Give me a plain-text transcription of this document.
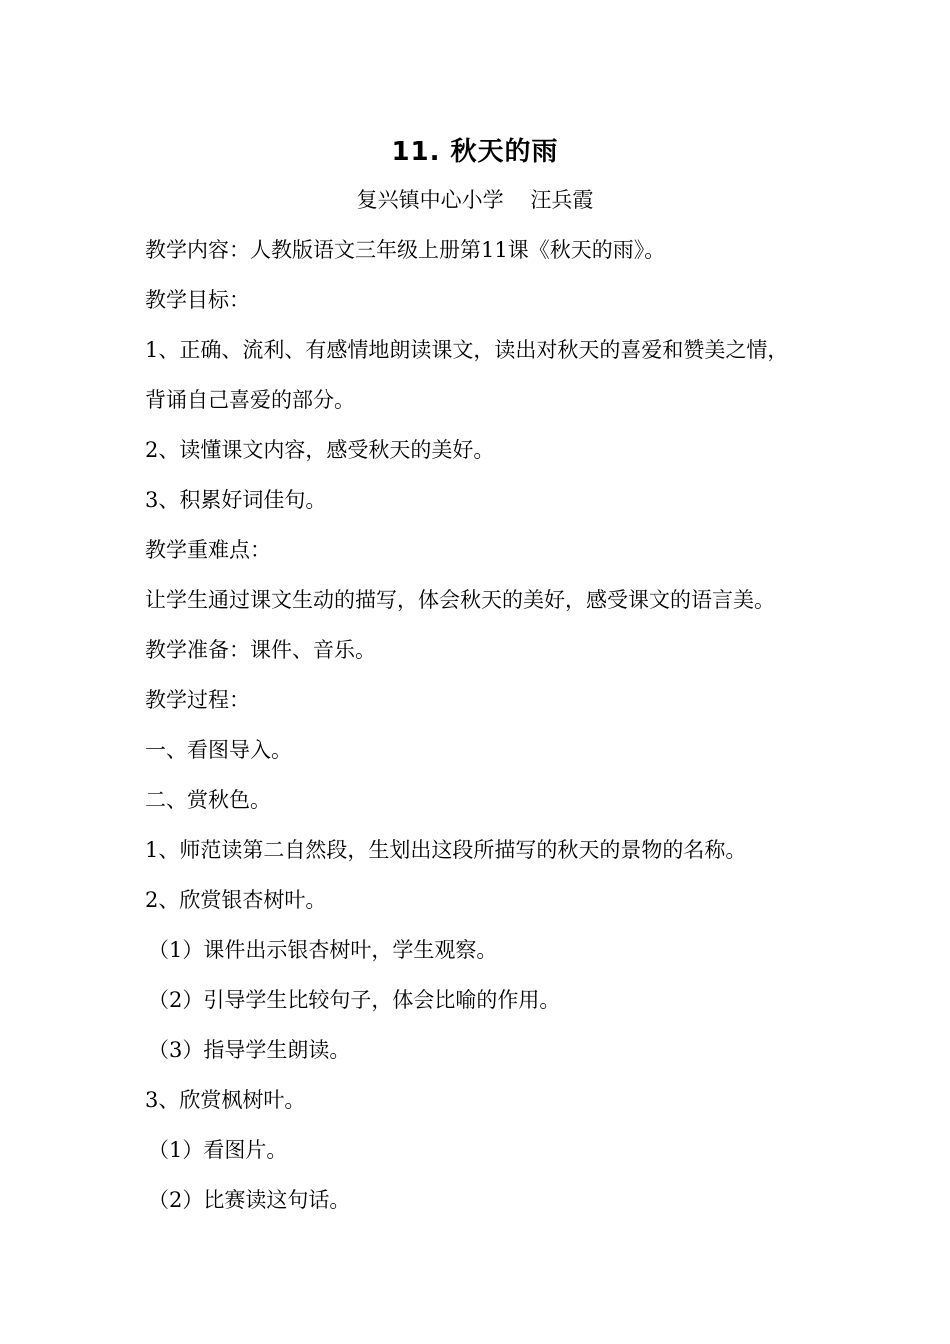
11. 秋天的雨
复兴镇中心小学    汪兵霞
教学内容：人教版语文三年级上册第11课《秋天的雨》。
教学目标：
1、正确、流利、有感情地朗读课文，读出对秋天的喜爱和赞美之情，
背诵自己喜爱的部分。
2、读懂课文内容，感受秋天的美好。
3、积累好词佳句。
教学重难点：
让学生通过课文生动的描写，体会秋天的美好，感受课文的语言美。
教学准备：课件、音乐。
教学过程：
一、看图导入。
二、赏秋色。
1、师范读第二自然段，生划出这段所描写的秋天的景物的名称。
2、欣赏银杏树叶。
（1）课件出示银杏树叶，学生观察。
（2）引导学生比较句子，体会比喻的作用。
（3）指导学生朗读。
3、欣赏枫树叶。
（1）看图片。
（2）比赛读这句话。
